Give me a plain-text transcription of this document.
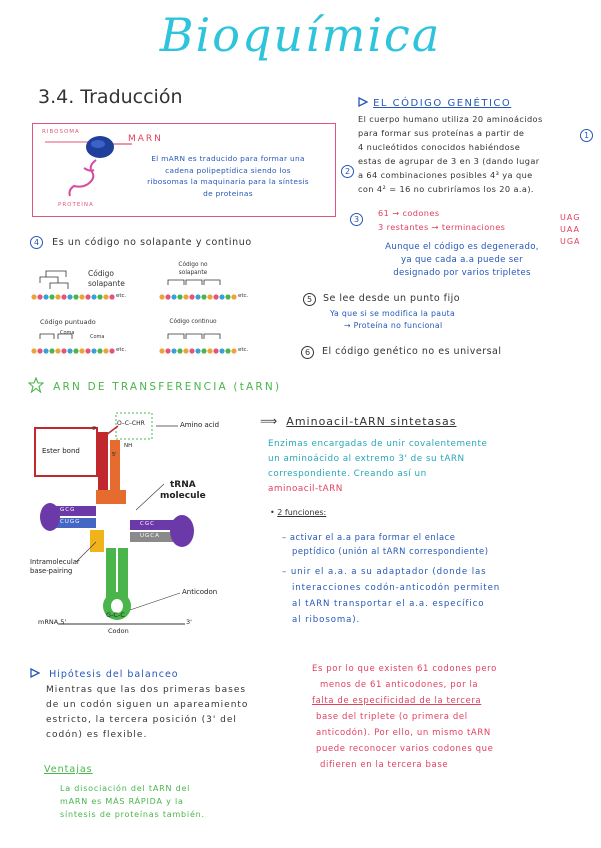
Bioquímica
3.4. Traducción
RIBOSOMA
MARN
PROTEINA
El mARN es traducido para formar una
cadena polipeptídica siendo los
ribosomas la maquinaria para la síntesis
de proteinas
4 Es un código no solapante y continuo
Código solapante
Código no solapante
etc.	etc.
Código puntuado	Código continuo
Coma
Coma
etc.	etc.
EL CÓDIGO GENÉTICO
El cuerpo humano utiliza 20 aminoácidos
para formar sus proteínas a partir de
4 nucleótidos conocidos habiéndose
estas de agrupar de 3 en 3 (dando lugar
a 64 combinaciones posibles 4³ ya que
con 4² = 16 no cubriríamos los 20 a.a).
1
2
3
61 → codones
3 restantes → terminaciones
UAG
UAA
UGA
Aunque el código es degenerado,
ya que cada a.a puede ser
designado por varios tripletes
5	Se lee desde un punto fijo
Ya que si se modifica la pauta
→ Proteína no funcional
6	El código genético no es universal
ARN DE TRANSFERENCIA (tARN)
Ester bond
O–C–CHR
NH
Amino acid
3'
5'
A
tRNA
molecule
GCG
CUGG	CGC
UGCA
Intramolecular
base-pairing
Anticodon
mRNA 5'	3'
G-C-C
Codon
⟹ Aminoacil-tARN sintetasas
Enzimas encargadas de unir covalentemente
un aminoácido al extremo 3' de su tARN
correspondiente. Creando así un
aminoacil-tARN
• 2 funciones:
– activar el a.a para formar el enlace
peptídico (unión al tARN correspondiente)
– unir el a.a. a su adaptador (donde las
interacciones codón-anticodón permiten
al tARN transportar el a.a. específico
al ribosoma).
Hipótesis del balanceo
Mientras que las dos primeras bases
de un codón siguen un apareamiento
estricto, la tercera posición (3' del
codón) es flexible.
Ventajas
La disociación del tARN del
mARN es MÁS RÁPIDA y la
síntesis de proteínas también.
Es por lo que existen 61 codones pero
menos de 61 anticodones, por la
falta de especificidad de la tercera
base del triplete (o primera del
anticodón). Por ello, un mismo tARN
puede reconocer varios codones que
difieren en la tercera base
